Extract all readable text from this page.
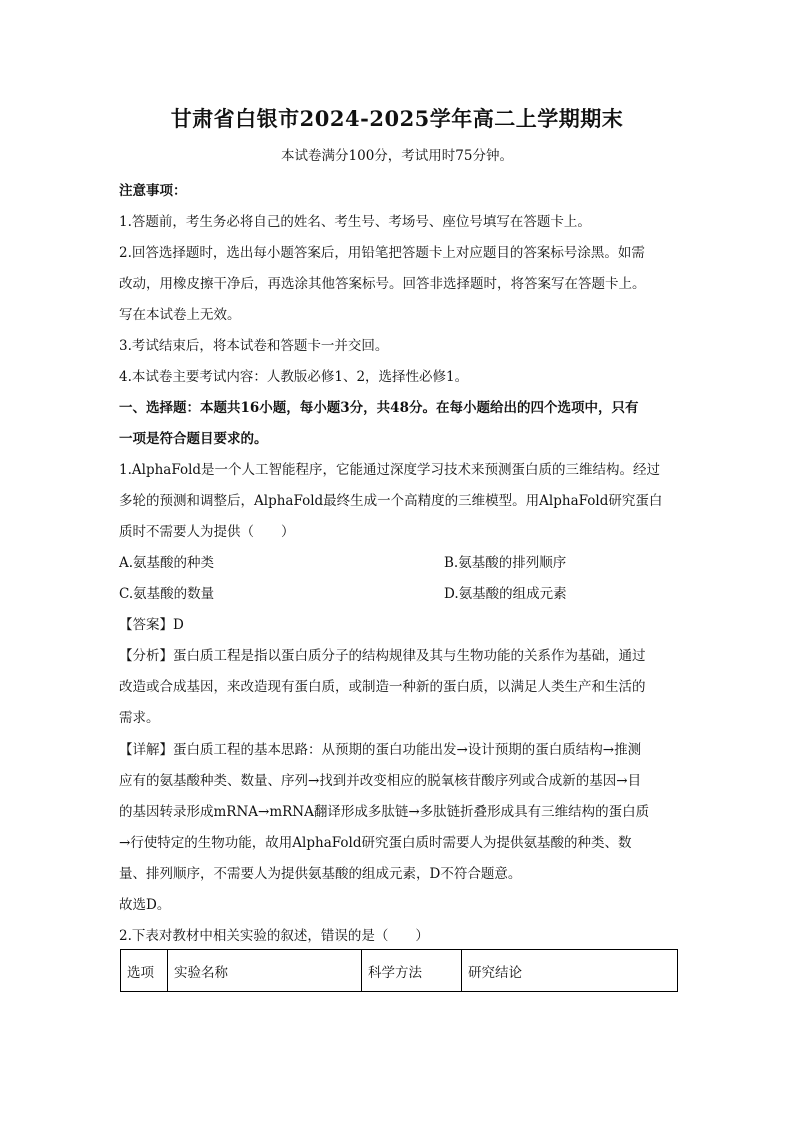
甘肃省白银市2024-2025学年高二上学期期末
本试卷满分100分，考试用时75分钟。
注意事项：
1.答题前，考生务必将自己的姓名、考生号、考场号、座位号填写在答题卡上。
2.回答选择题时，选出每小题答案后，用铅笔把答题卡上对应题目的答案标号涂黑。如需
改动，用橡皮擦干净后，再选涂其他答案标号。回答非选择题时，将答案写在答题卡上。
写在本试卷上无效。
3.考试结束后，将本试卷和答题卡一并交回。
4.本试卷主要考试内容：人教版必修1、2，选择性必修1。
一、选择题：本题共16小题，每小题3分，共48分。在每小题给出的四个选项中，只有
一项是符合题目要求的。
1.AlphaFold是一个人工智能程序，它能通过深度学习技术来预测蛋白质的三维结构。经过
多轮的预测和调整后，AlphaFold最终生成一个高精度的三维模型。用AlphaFold研究蛋白
质时不需要人为提供（　　）
A.氨基酸的种类	B.氨基酸的排列顺序
C.氨基酸的数量	D.氨基酸的组成元素
【答案】D
【分析】蛋白质工程是指以蛋白质分子的结构规律及其与生物功能的关系作为基础，通过
改造或合成基因，来改造现有蛋白质，或制造一种新的蛋白质，以满足人类生产和生活的
需求。
【详解】蛋白质工程的基本思路：从预期的蛋白功能出发→设计预期的蛋白质结构→推测
应有的氨基酸种类、数量、序列→找到并改变相应的脱氧核苷酸序列或合成新的基因→目
的基因转录形成mRNA→mRNA翻译形成多肽链→多肽链折叠形成具有三维结构的蛋白质
→行使特定的生物功能，故用AlphaFold研究蛋白质时需要人为提供氨基酸的种类、数
量、排列顺序，不需要人为提供氨基酸的组成元素，D不符合题意。
故选D。
2.下表对教材中相关实验的叙述，错误的是（　　）
选项	实验名称	科学方法	研究结论
